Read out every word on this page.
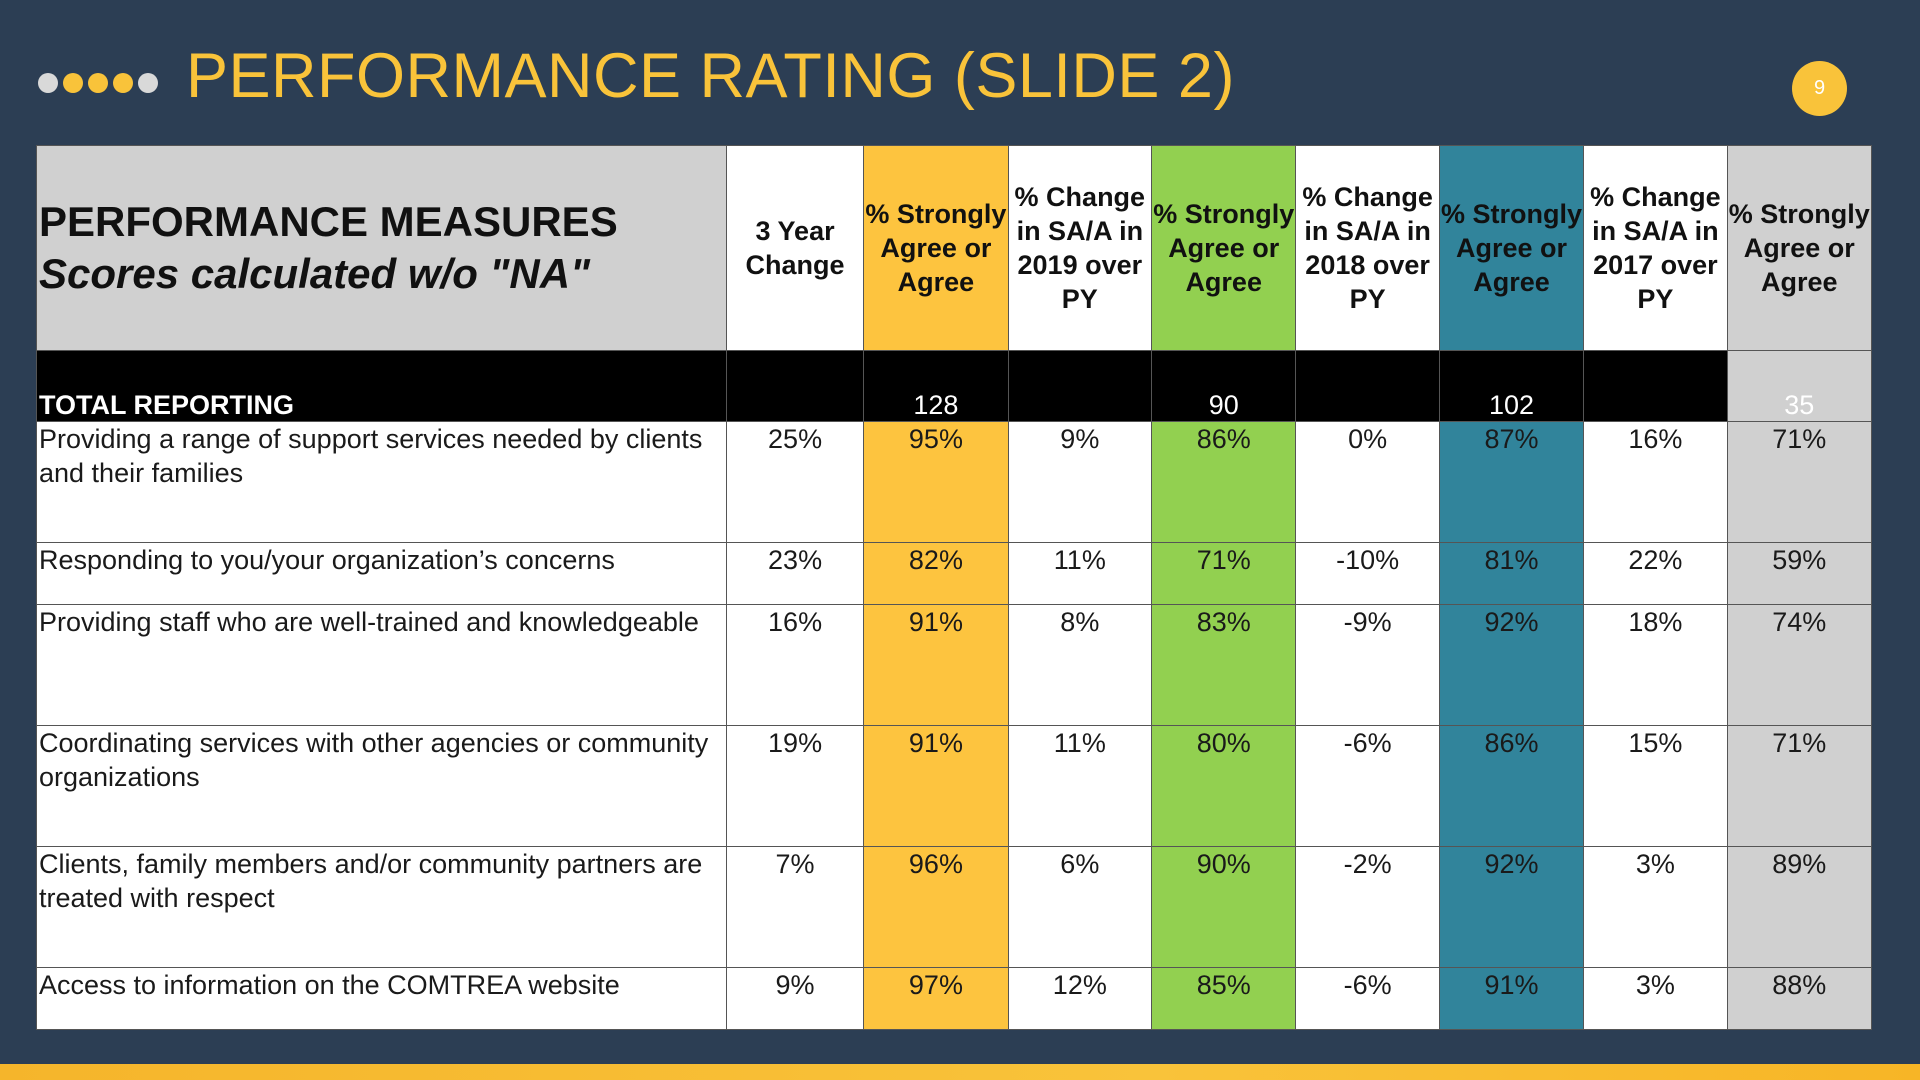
PERFORMANCE RATING (SLIDE 2)	9
PERFORMANCE MEASURES
Scores calculated w/o "NA"	3 Year Change	% Strongly Agree or Agree	% Change in SA/A in 2019 over PY	% Strongly Agree or Agree	% Change in SA/A in 2018 over PY	% Strongly Agree or Agree	% Change in SA/A in 2017 over PY	% Strongly Agree or Agree
TOTAL REPORTING		128		90		102		35
Providing a range of support services needed by clients and their families	25%	95%	9%	86%	0%	87%	16%	71%
Responding to you/your organization’s concerns	23%	82%	11%	71%	-10%	81%	22%	59%
Providing staff who are well-trained and knowledgeable	16%	91%	8%	83%	-9%	92%	18%	74%
Coordinating services with other agencies or community organizations	19%	91%	11%	80%	-6%	86%	15%	71%
Clients, family members and/or community partners are treated with respect	7%	96%	6%	90%	-2%	92%	3%	89%
Access to information on the COMTREA website	9%	97%	12%	85%	-6%	91%	3%	88%
